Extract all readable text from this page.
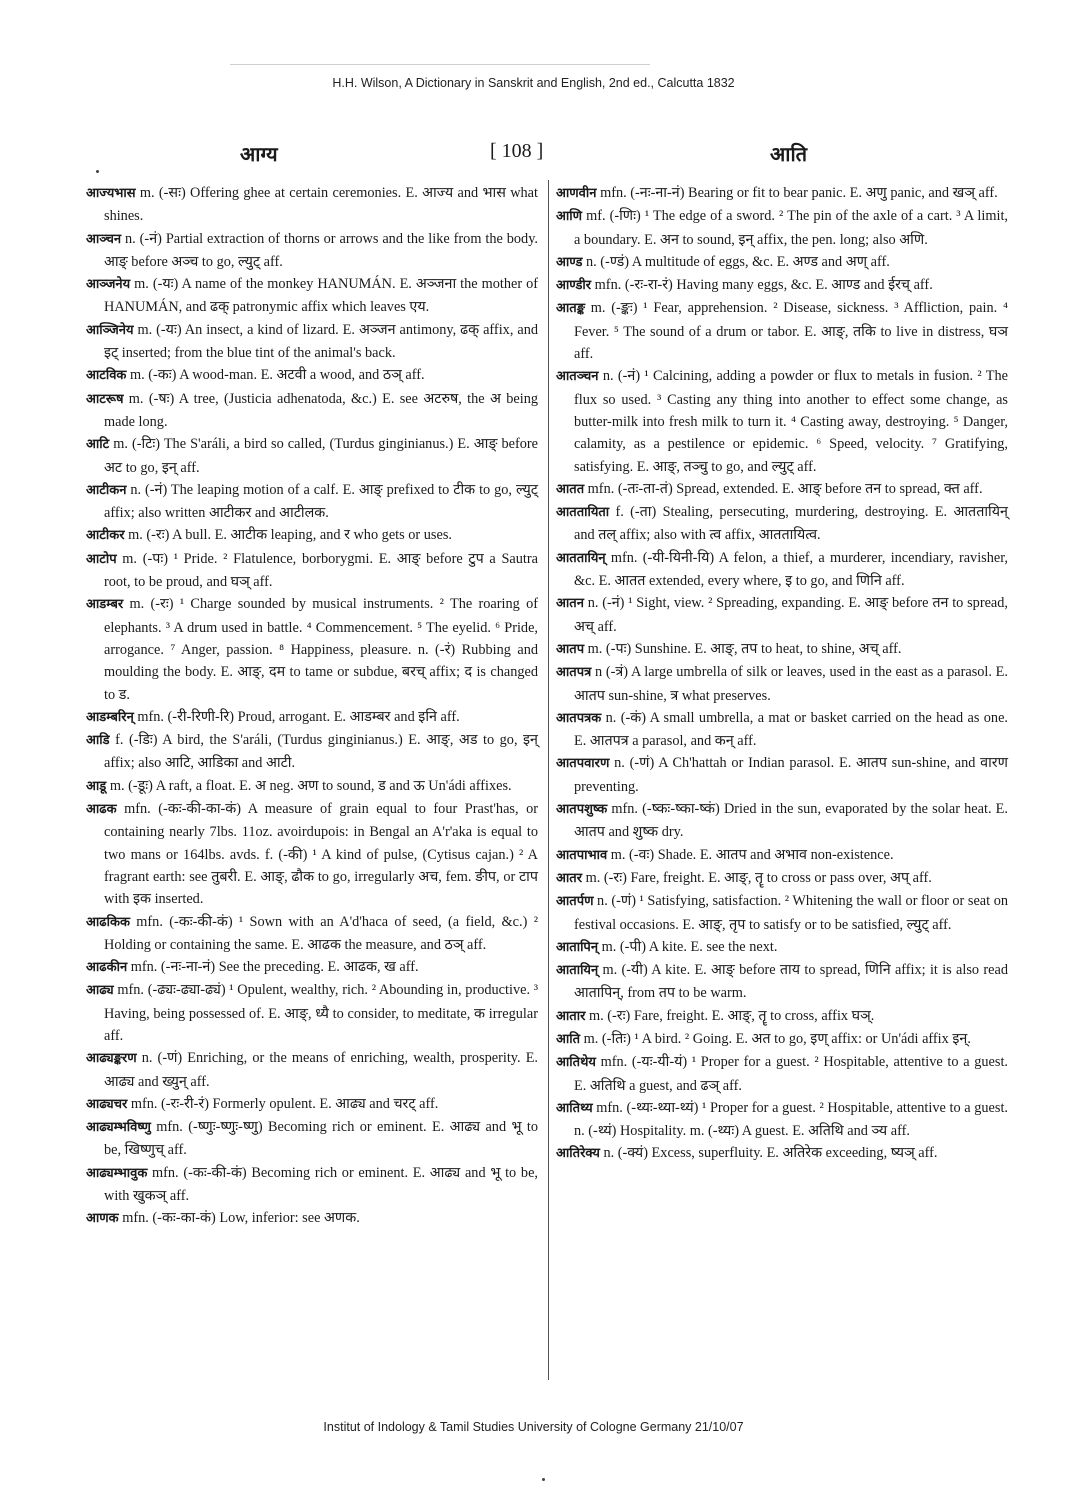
H.H. Wilson, A Dictionary in Sanskrit and English, 2nd ed., Calcutta 1832
आग्य	[ 108 ]	आति

आज्यभास m. (-सः) Offering ghee at certain ceremonies. E. आज्य and भास what shines.

आञ्चन n. (-नं) Partial extraction of thorns or arrows and the like from the body. आङ् before अञ्च to go, ल्युट् aff.

आञ्जनेय m. (-यः) A name of the monkey HANUMÁN. E. अञ्जना the mother of HANUMÁN, and ढक् patronymic affix which leaves एय.

आञ्जिनेय m. (-यः) An insect, a kind of lizard. E. अञ्जन antimony, ढक् affix, and इट् inserted; from the blue tint of the animal's back.

आटविक m. (-कः) A wood-man. E. अटवी a wood, and ठञ् aff.

आटरूष m. (-षः) A tree, (Justicia adhenatoda, &c.) E. see अटरुष, the अ being made long.

आटि m. (-टिः) The S'aráli, a bird so called, (Turdus ginginianus.) E. आङ् before अट to go, इन् aff.

आटीकन n. (-नं) The leaping motion of a calf. E. आङ् prefixed to टीक to go, ल्युट् affix; also written आटीकर and आटीलक.

आटीकर m. (-रः) A bull. E. आटीक leaping, and र who gets or uses.

आटोप m. (-पः) ¹ Pride. ² Flatulence, borborygmi. E. आङ् before टुप a Sautra root, to be proud, and घञ् aff.

आडम्बर m. (-रः) ¹ Charge sounded by musical instruments. ² The roaring of elephants. ³ A drum used in battle. ⁴ Commencement. ⁵ The eyelid. ⁶ Pride, arrogance. ⁷ Anger, passion. ⁸ Happiness, pleasure. n. (-रं) Rubbing and moulding the body. E. आङ्, दम to tame or subdue, बरच् affix; द is changed to ड.

आडम्बरिन् mfn. (-री-रिणी-रि) Proud, arrogant. E. आडम्बर and इनि aff.

आडि f. (-डिः) A bird, the S'aráli, (Turdus ginginianus.) E. आङ्, अड to go, इन् affix; also आटि, आडिका and आटी.

आडू m. (-डूः) A raft, a float. E. अ neg. अण to sound, ड and ऊ Un'ádi affixes.

आढक mfn. (-कः-की-का-कं) A measure of grain equal to four Prast'has, or containing nearly 7lbs. 11oz. avoirdupois: in Bengal an A'r'aka is equal to two mans or 164lbs. avds. f. (-की) ¹ A kind of pulse, (Cytisus cajan.) ² A fragrant earth: see तुबरी. E. आङ्, ढौक to go, irregularly अच, fem. ङीप, or टाप with इक inserted.

आढकिक mfn. (-कः-की-कं) ¹ Sown with an A'd'haca of seed, (a field, &c.) ² Holding or containing the same. E. आढक the measure, and ठञ् aff.

आढकीन mfn. (-नः-ना-नं) See the preceding. E. आढक, ख aff.

आढ्य mfn. (-ढ्यः-ढ्या-ढ्यं) ¹ Opulent, wealthy, rich. ² Abounding in, productive. ³ Having, being possessed of. E. आङ्, ध्यै to consider, to meditate, क irregular aff.

आढ्यङ्करण n. (-णं) Enriching, or the means of enriching, wealth, prosperity. E. आढ्य and ख्युन् aff.

आढ्यचर mfn. (-रः-री-रं) Formerly opulent. E. आढ्य and चरट् aff.

आढ्यम्भविष्णु mfn. (-ष्णुः-ष्णुः-ष्णु) Becoming rich or eminent. E. आढ्य and भू to be, खिष्णुच् aff.

आढ्यम्भावुक mfn. (-कः-की-कं) Becoming rich or eminent. E. आढ्य and भू to be, with खुकञ् aff.

आणक mfn. (-कः-का-कं) Low, inferior: see अणक.

आणवीन mfn. (-नः-ना-नं) Bearing or fit to bear panic. E. अणु panic, and खञ् aff.

आणि mf. (-णिः) ¹ The edge of a sword. ² The pin of the axle of a cart. ³ A limit, a boundary. E. अन to sound, इन् affix, the pen. long; also अणि.

आण्ड n. (-ण्डं) A multitude of eggs, &c. E. अण्ड and अण् aff.

आण्डीर mfn. (-रः-रा-रं) Having many eggs, &c. E. आण्ड and ईरच् aff.

आतङ्क m. (-ङ्कः) ¹ Fear, apprehension. ² Disease, sickness. ³ Affliction, pain. ⁴ Fever. ⁵ The sound of a drum or tabor. E. आङ्, तकि to live in distress, घञ aff.

आतञ्चन n. (-नं) ¹ Calcining, adding a powder or flux to metals in fusion. ² The flux so used. ³ Casting any thing into another to effect some change, as butter-milk into fresh milk to turn it. ⁴ Casting away, destroying. ⁵ Danger, calamity, as a pestilence or epidemic. ⁶ Speed, velocity. ⁷ Gratifying, satisfying. E. आङ्, तञ्चु to go, and ल्युट् aff.

आतत mfn. (-तः-ता-तं) Spread, extended. E. आङ् before तन to spread, क्त aff.

आततायिता f. (-ता) Stealing, persecuting, murdering, destroying. E. आततायिन् and तल् affix; also with त्व affix, आततायित्व.

आततायिन् mfn. (-यी-यिनी-यि) A felon, a thief, a murderer, incendiary, ravisher, &c. E. आतत extended, every where, इ to go, and णिनि aff.

आतन n. (-नं) ¹ Sight, view. ² Spreading, expanding. E. आङ् before तन to spread, अच् aff.

आतप m. (-पः) Sunshine. E. आङ्, तप to heat, to shine, अच् aff.

आतपत्र n (-त्रं) A large umbrella of silk or leaves, used in the east as a parasol. E. आतप sun-shine, त्र what preserves.

आतपत्रक n. (-कं) A small umbrella, a mat or basket carried on the head as one. E. आतपत्र a parasol, and कन् aff.

आतपवारण n. (-णं) A Ch'hattah or Indian parasol. E. आतप sun-shine, and वारण preventing.

आतपशुष्क mfn. (-ष्कः-ष्का-ष्कं) Dried in the sun, evaporated by the solar heat. E. आतप and शुष्क dry.

आतपाभाव m. (-वः) Shade. E. आतप and अभाव non-existence.

आतर m. (-रः) Fare, freight. E. आङ्, तॄ to cross or pass over, अप् aff.

आतर्पण n. (-णं) ¹ Satisfying, satisfaction. ² Whitening the wall or floor or seat on festival occasions. E. आङ्, तृप to satisfy or to be satisfied, ल्युट् aff.

आतापिन् m. (-पी) A kite. E. see the next.

आतायिन् m. (-यी) A kite. E. आङ् before ताय to spread, णिनि affix; it is also read आतापिन्, from तप to be warm.

आतार m. (-रः) Fare, freight. E. आङ्, तॄ to cross, affix घञ्.

आति m. (-तिः) ¹ A bird. ² Going. E. अत to go, इण् affix: or Un'ádi affix इन्.

आतिथेय mfn. (-यः-यी-यं) ¹ Proper for a guest. ² Hospitable, attentive to a guest. E. अतिथि a guest, and ढञ् aff.

आतिथ्य mfn. (-थ्यः-थ्या-थ्यं) ¹ Proper for a guest. ² Hospitable, attentive to a guest. n. (-थ्यं) Hospitality. m. (-थ्यः) A guest. E. अतिथि and ञ्य aff.

आतिरेक्य n. (-क्यं) Excess, superfluity. E. अतिरेक exceeding, ष्यञ् aff.

Institut of Indology & Tamil Studies University of Cologne Germany 21/10/07
